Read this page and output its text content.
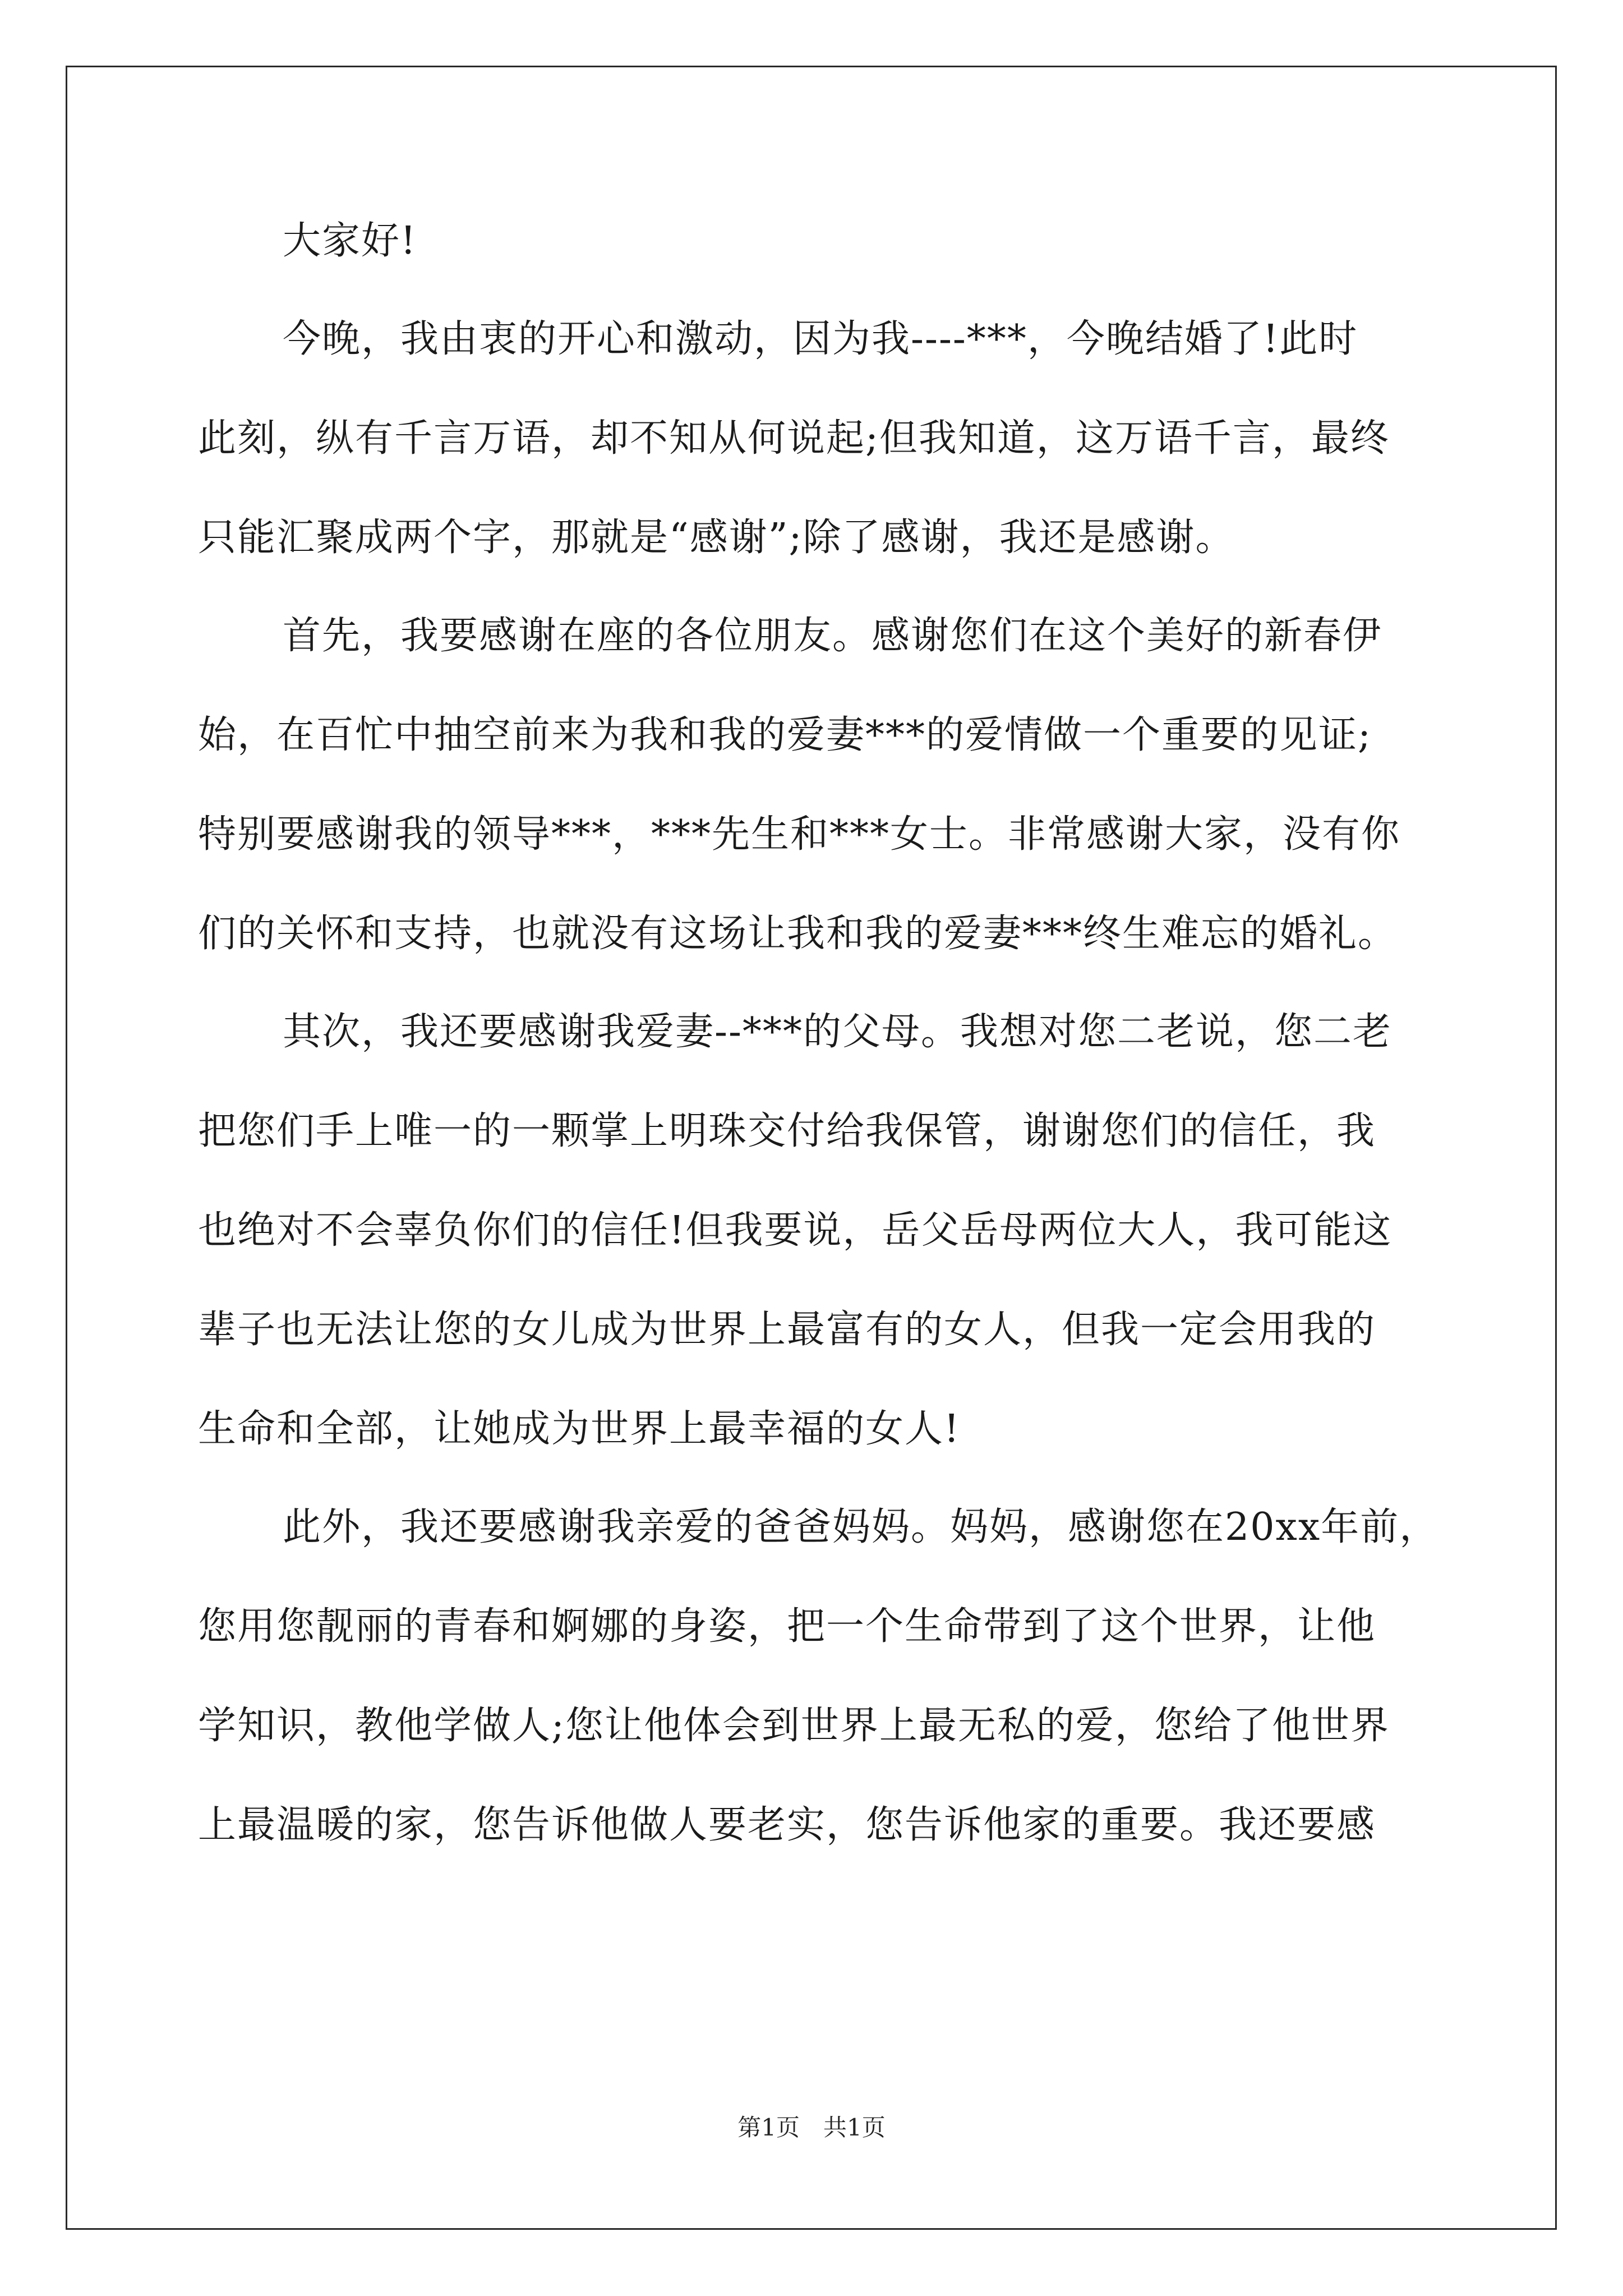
大家好!
今晚，我由衷的开心和激动，因为我----***，今晚结婚了!此时
此刻，纵有千言万语，却不知从何说起;但我知道，这万语千言，最终
只能汇聚成两个字，那就是“感谢”;除了感谢，我还是感谢。
首先，我要感谢在座的各位朋友。感谢您们在这个美好的新春伊
始，在百忙中抽空前来为我和我的爱妻***的爱情做一个重要的见证;
特别要感谢我的领导***，***先生和***女士。非常感谢大家，没有你
们的关怀和支持，也就没有这场让我和我的爱妻***终生难忘的婚礼。
其次，我还要感谢我爱妻--***的父母。我想对您二老说，您二老
把您们手上唯一的一颗掌上明珠交付给我保管，谢谢您们的信任，我
也绝对不会辜负你们的信任!但我要说，岳父岳母两位大人，我可能这
辈子也无法让您的女儿成为世界上最富有的女人，但我一定会用我的
生命和全部，让她成为世界上最幸福的女人!
此外，我还要感谢我亲爱的爸爸妈妈。妈妈，感谢您在20xx年前，
您用您靓丽的青春和婀娜的身姿，把一个生命带到了这个世界，让他
学知识，教他学做人;您让他体会到世界上最无私的爱，您给了他世界
上最温暖的家，您告诉他做人要老实，您告诉他家的重要。我还要感
第1页　共1页
